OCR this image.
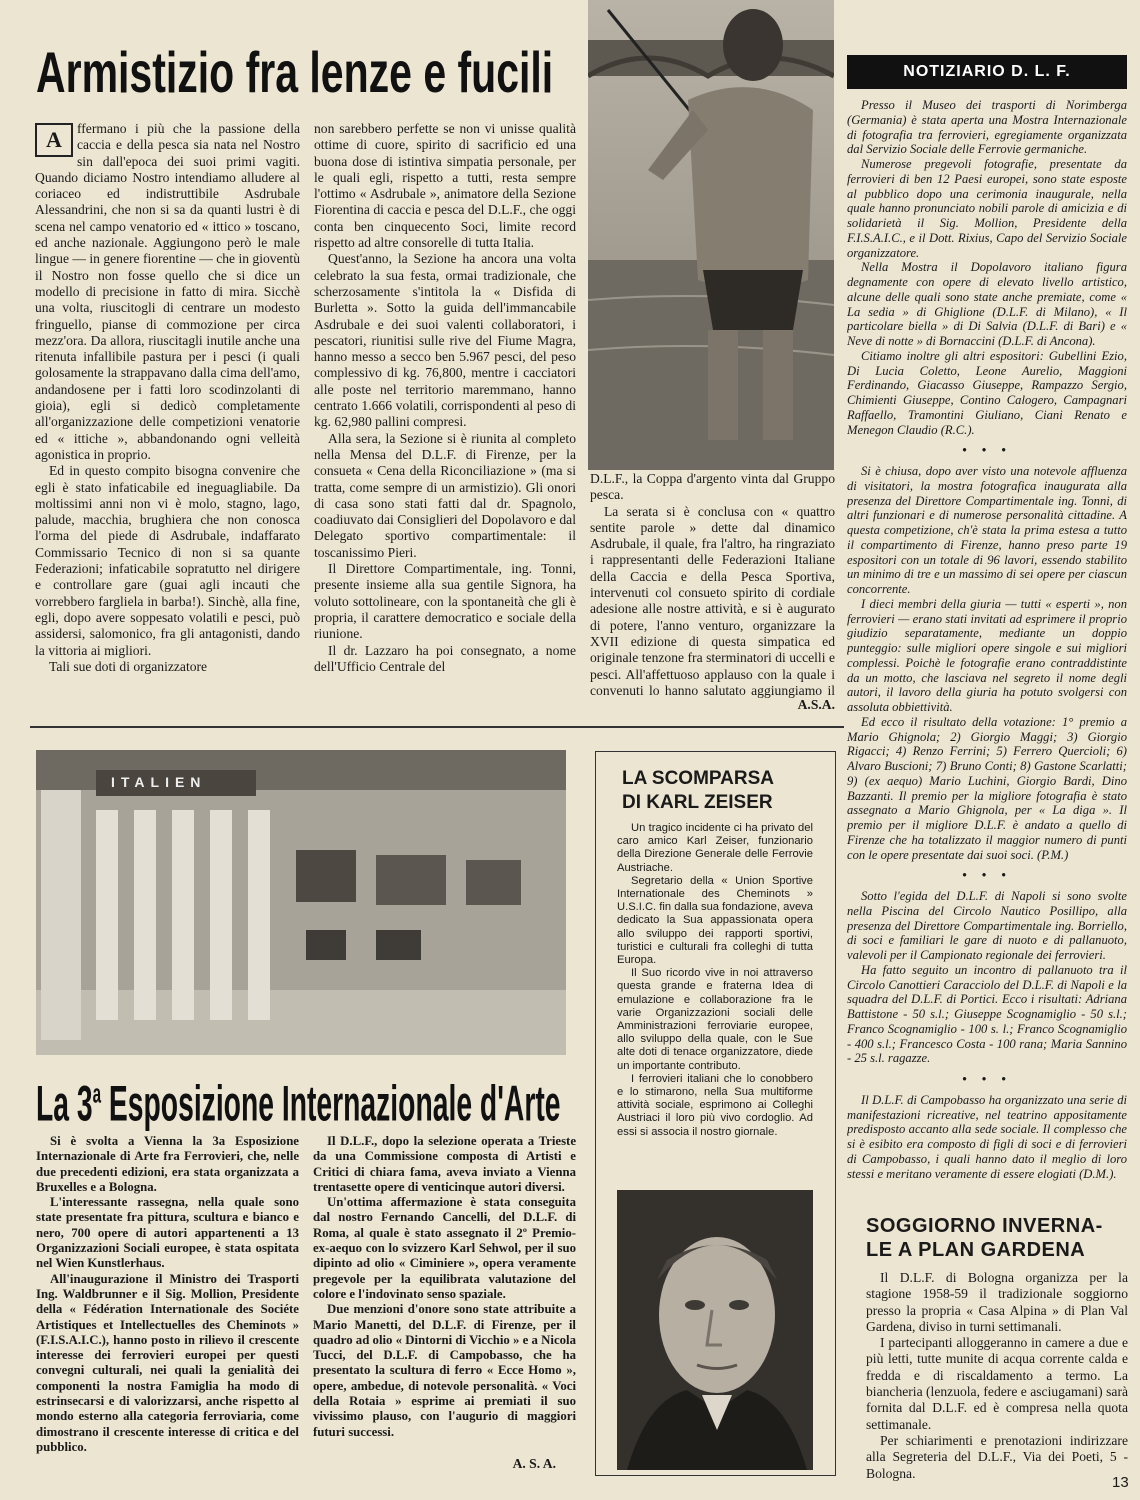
Armistizio fra lenze e fucili
A	ffermano i più che la passione della caccia e della pesca sia nata nel Nostro sin dall'epoca dei suoi primi vagiti. Quando diciamo Nostro intendiamo alludere al coriaceo ed indistruttibile Asdrubale Alessandrini, che non si sa da quanti lustri è di scena nel campo venatorio ed « ittico » toscano, ed anche nazionale. Aggiungono però le male lingue — in genere fiorentine — che in gioventù il Nostro non fosse quello che si dice un modello di precisione in fatto di mira. Sicchè una volta, riuscitogli di centrare un modesto fringuello, pianse di commozione per circa mezz'ora. Da allora, riuscitagli inutile anche una ritenuta infallibile pastura per i pesci (i quali golosamente la strappavano dalla cima dell'amo, andandosene per i fatti loro scodinzolanti di gioia), egli si dedicò completamente all'organizzazione delle competizioni venatorie ed « ittiche », abbandonando ogni velleità agonistica in proprio.

Ed in questo compito bisogna convenire che egli è stato infaticabile ed ineguagliabile. Da moltissimi anni non vi è molo, stagno, lago, palude, macchia, brughiera che non conosca l'orma del piede di Asdrubale, indaffarato Commissario Tecnico di non si sa quante Federazioni; infaticabile sopratutto nel dirigere e controllare gare (guai agli incauti che vorrebbero fargliela in barba!). Sinchè, alla fine, egli, dopo avere soppesato volatili e pesci, può assidersi, salomonico, fra gli antagonisti, dando la vittoria ai migliori.

Tali sue doti di organizzatore

non sarebbero perfette se non vi unisse qualità ottime di cuore, spirito di sacrificio ed una buona dose di istintiva simpatia personale, per le quali egli, rispetto a tutti, resta sempre l'ottimo « Asdrubale », animatore della Sezione Fiorentina di caccia e pesca del D.L.F., che oggi conta ben cinquecento Soci, limite record rispetto ad altre consorelle di tutta Italia.

Quest'anno, la Sezione ha ancora una volta celebrato la sua festa, ormai tradizionale, che scherzosamente s'intitola la « Disfida di Burletta ». Sotto la guida dell'immancabile Asdrubale e dei suoi valenti collaboratori, i pescatori, riunitisi sulle rive del Fiume Magra, hanno messo a secco ben 5.967 pesci, del peso complessivo di kg. 76,800, mentre i cacciatori alle poste nel territorio maremmano, hanno centrato 1.666 volatili, corrispondenti al peso di kg. 62,980 pallini compresi.

Alla sera, la Sezione si è riunita al completo nella Mensa del D.L.F. di Firenze, per la consueta « Cena della Riconciliazione » (ma si tratta, come sempre di un armistizio). Gli onori di casa sono stati fatti dal dr. Spagnolo, coadiuvato dai Consiglieri del Dopolavoro e dal Delegato sportivo compartimentale: il toscanissimo Pieri.

Il Direttore Compartimentale, ing. Tonni, presente insieme alla sua gentile Signora, ha voluto sottolineare, con la spontaneità che gli è propria, il carattere democratico e sociale della riunione.

Il dr. Lazzaro ha poi consegnato, a nome dell'Ufficio Centrale del

D.L.F., la Coppa d'argento vinta dal Gruppo pesca.

La serata si è conclusa con « quattro sentite parole » dette dal dinamico Asdrubale, il quale, fra l'altro, ha ringraziato i rappresentanti delle Federazioni Italiane della Caccia e della Pesca Sportiva, intervenuti col consueto spirito di cordiale adesione alle nostre attività, e si è augurato di potere, l'anno venturo, organizzare la XVII edizione di questa simpatica ed originale tenzone fra sterminatori di uccelli e pesci. All'affettuoso applauso con la quale i convenuti lo hanno salutato aggiungiamo il

A.S.A.
NOTIZIARIO D. L. F.

Presso il Museo dei trasporti di Norimberga (Germania) è stata aperta una Mostra Internazionale di fotografia tra ferrovieri, egregiamente organizzata dal Servizio Sociale delle Ferrovie germaniche.

Numerose pregevoli fotografie, presentate da ferrovieri di ben 12 Paesi europei, sono state esposte al pubblico dopo una cerimonia inaugurale, nella quale hanno pronunciato nobili parole di amicizia e di solidarietà il Sig. Mollion, Presidente della F.I.S.A.I.C., e il Dott. Rixius, Capo del Servizio Sociale organizzatore.

Nella Mostra il Dopolavoro italiano figura degnamente con opere di elevato livello artistico, alcune delle quali sono state anche premiate, come « La sedia » di Ghiglione (D.L.F. di Milano), « Il particolare biella » di Di Salvia (D.L.F. di Bari) e « Neve di notte » di Bornaccini (D.L.F. di Ancona).

Citiamo inoltre gli altri espositori: Gubellini Ezio, Di Lucia Coletto, Leone Aurelio, Maggioni Ferdinando, Giacasso Giuseppe, Rampazzo Sergio, Chimienti Giuseppe, Contino Calogero, Campagnari Raffaello, Tramontini Giuliano, Ciani Renato e Menegon Claudio (R.C.).

• • •

Si è chiusa, dopo aver visto una notevole affluenza di visitatori, la mostra fotografica inaugurata alla presenza del Direttore Compartimentale ing. Tonni, di altri funzionari e di numerose personalità cittadine. A questa competizione, ch'è stata la prima estesa a tutto il compartimento di Firenze, hanno preso parte 19 espositori con un totale di 96 lavori, essendo stabilito un minimo di tre e un massimo di sei opere per ciascun concorrente.

I dieci membri della giuria — tutti « esperti », non ferrovieri — erano stati invitati ad esprimere il proprio giudizio separatamente, mediante un doppio punteggio: sulle migliori opere singole e sui migliori complessi. Poichè le fotografie erano contraddistinte da un motto, che lasciava nel segreto il nome degli autori, il lavoro della giuria ha potuto svolgersi con assoluta obbiettività.

Ed ecco il risultato della votazione: 1° premio a Mario Ghignola; 2) Giorgio Maggi; 3) Giorgio Rigacci; 4) Renzo Ferrini; 5) Ferrero Quercioli; 6) Alvaro Buscioni; 7) Bruno Conti; 8) Gastone Scarlatti; 9) (ex aequo) Mario Luchini, Giorgio Bardi, Dino Bazzanti. Il premio per la migliore fotografia è stato assegnato a Mario Ghignola, per « La diga ». Il premio per il migliore D.L.F. è andato a quello di Firenze che ha totalizzato il maggior numero di punti con le opere presentate dai suoi soci. (P.M.)

• • •

Sotto l'egida del D.L.F. di Napoli si sono svolte nella Piscina del Circolo Nautico Posillipo, alla presenza del Direttore Compartimentale ing. Borriello, di soci e familiari le gare di nuoto e di pallanuoto, valevoli per il Campionato regionale dei ferrovieri.

Ha fatto seguito un incontro di pallanuoto tra il Circolo Canottieri Caracciolo del D.L.F. di Napoli e la squadra del D.L.F. di Portici. Ecco i risultati: Adriana Battistone - 50 s.l.; Giuseppe Scognamiglio - 50 s.l.; Franco Scognamiglio - 100 s. l.; Franco Scognamiglio - 400 s.l.; Francesco Costa - 100 rana; Maria Sannino - 25 s.l. ragazze.

• • •

Il D.L.F. di Campobasso ha organizzato una serie di manifestazioni ricreative, nel teatrino appositamente predisposto accanto alla sede sociale. Il complesso che si è esibito era composto di figli di soci e di ferrovieri di Campobasso, i quali hanno dato il meglio di loro stessi e meritano veramente di essere elogiati (D.M.).

SOGGIORNO INVERNA-
LE A PLAN GARDENA

Il D.L.F. di Bologna organizza per la stagione 1958-59 il tradizionale soggiorno presso la propria « Casa Alpina » di Plan Val Gardena, diviso in turni settimanali.

I partecipanti alloggeranno in camere a due e più letti, tutte munite di acqua corrente calda e fredda e di riscaldamento a termo. La biancheria (lenzuola, federe e asciugamani) sarà fornita dal D.L.F. ed è compresa nella quota settimanale.

Per schiarimenti e prenotazioni indirizzare alla Segreteria del D.L.F., Via dei Poeti, 5 - Bologna.

ITALIEN
La 3$^a$ Esposizione Internazionale d'Arte

Si è svolta a Vienna la 3a Esposizione Internazionale di Arte fra Ferrovieri, che, nelle due precedenti edizioni, era stata organizzata a Bruxelles e a Bologna.

L'interessante rassegna, nella quale sono state presentate fra pittura, scultura e bianco e nero, 700 opere di autori appartenenti a 13 Organizzazioni Sociali europee, è stata ospitata nel Wien Kunstlerhaus.

All'inaugurazione il Ministro dei Trasporti Ing. Waldbrunner e il Sig. Mollion, Presidente della « Fédération Internationale des Sociéte Artistiques et Intellectuelles des Cheminots » (F.I.S.A.I.C.), hanno posto in rilievo il crescente interesse dei ferrovieri europei per questi convegni culturali, nei quali la genialità dei componenti la nostra Famiglia ha modo di estrinsecarsi e di valorizzarsi, anche rispetto al mondo esterno alla categoria ferroviaria, come dimostrano il crescente interesse di critica e del pubblico.

Il D.L.F., dopo la selezione operata a Trieste da una Commissione composta di Artisti e Critici di chiara fama, aveva inviato a Vienna trentasette opere di venticinque autori diversi.

Un'ottima affermazione è stata conseguita dal nostro Fernando Cancelli, del D.L.F. di Roma, al quale è stato assegnato il 2º Premio-ex-aequo con lo svizzero Karl Sehwol, per il suo dipinto ad olio « Ciminiere », opera veramente pregevole per la equilibrata valutazione del colore e l'indovinato senso spaziale.

Due menzioni d'onore sono state attribuite a Mario Manetti, del D.L.F. di Firenze, per il quadro ad olio « Dintorni di Vicchio » e a Nicola Tucci, del D.L.F. di Campobasso, che ha presentato la scultura di ferro « Ecce Homo », opere, ambedue, di notevole personalità. « Voci della Rotaia » esprime ai premiati il suo vivissimo plauso, con l'augurio di maggiori futuri successi.

A. S. A.
LA SCOMPARSA
DI KARL ZEISER

Un tragico incidente ci ha privato del caro amico Karl Zeiser, funzionario della Direzione Generale delle Ferrovie Austriache.

Segretario della « Union Sportive Internationale des Cheminots » U.S.I.C. fin dalla sua fondazione, aveva dedicato la Sua appassionata opera allo sviluppo dei rapporti sportivi, turistici e culturali fra colleghi di tutta Europa.

Il Suo ricordo vive in noi attraverso questa grande e fraterna Idea di emulazione e collaborazione fra le varie Organizzazioni sociali delle Amministrazioni ferroviarie europee, allo sviluppo della quale, con le Sue alte doti di tenace organizzatore, diede un importante contributo.

I ferrovieri italiani che lo conobbero e lo stimarono, nella Sua multiforme attività sociale, esprimono ai Colleghi Austriaci il loro più vivo cordoglio. Ad essi si associa il nostro giornale.

13
